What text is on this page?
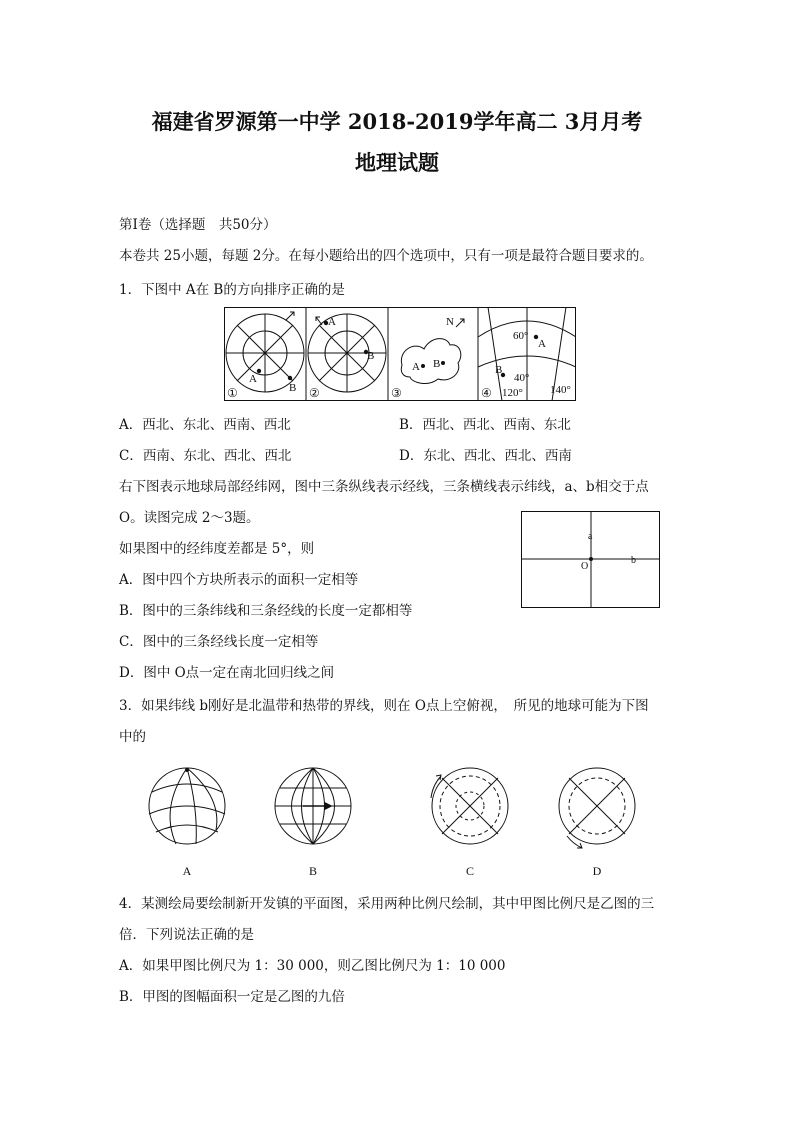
福建省罗源第一中学 2018-2019学年高二 3月月考
地理试题
第Ⅰ卷（选择题　共50分）
本卷共 25小题，每题 2分。在每小题给出的四个选项中，只有一项是最符合题目要求的。
1．下图中 A在 B的方向排序正确的是
A
B
①
A
B
②
A B
N
③
A
B
60°
40°
120° 140°
④
A．西北、东北、西南、西北	B．西北、西北、西南、东北
C．西南、东北、西北、西北	D．东北、西北、西北、西南
右下图表示地球局部经纬网，图中三条纵线表示经线，三条横线表示纬线，a、b相交于点
O。读图完成 2～3题。
a
O
b
如果图中的经纬度差都是 5°，则
A．图中四个方块所表示的面积一定相等
B．图中的三条纬线和三条经线的长度一定都相等
C．图中的三条经线长度一定相等
D．图中 O点一定在南北回归线之间
3．如果纬线 b刚好是北温带和热带的界线，则在 O点上空俯视，　所见的地球可能为下图
中的
A	B	C	D
4．某测绘局要绘制新开发镇的平面图，采用两种比例尺绘制，其中甲图比例尺是乙图的三
倍．下列说法正确的是
A．如果甲图比例尺为 1：30 000，则乙图比例尺为 1：10 000
B．甲图的图幅面积一定是乙图的九倍
